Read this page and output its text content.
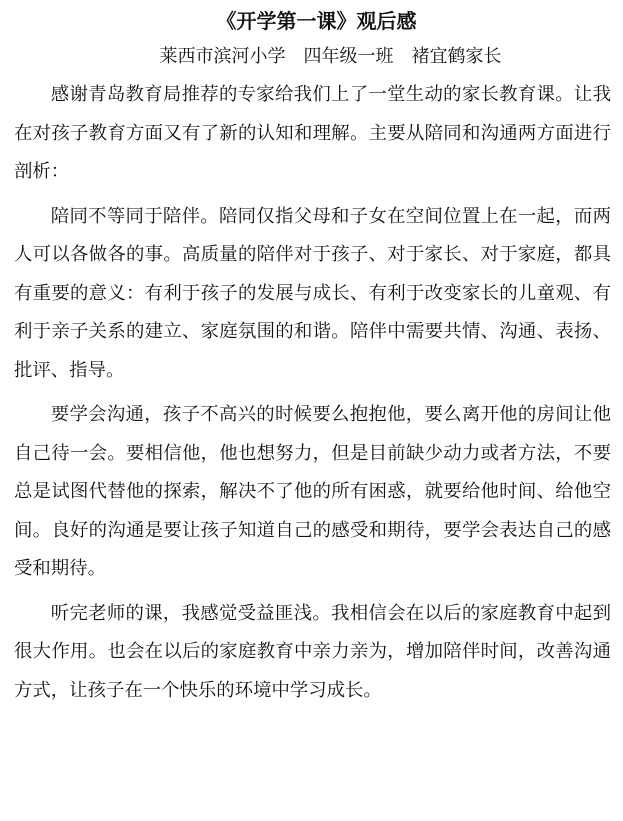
《开学第一课》观后感

莱西市滨河小学　四年级一班　褚宜鹤家长

感谢青岛教育局推荐的专家给我们上了一堂生动的家长教育课。让我在对孩子教育方面又有了新的认知和理解。主要从陪同和沟通两方面进行剖析：

陪同不等同于陪伴。陪同仅指父母和子女在空间位置上在一起，而两人可以各做各的事。高质量的陪伴对于孩子、对于家长、对于家庭，都具有重要的意义：有利于孩子的发展与成长、有利于改变家长的儿童观、有利于亲子关系的建立、家庭氛围的和谐。陪伴中需要共情、沟通、表扬、批评、指导。

要学会沟通，孩子不高兴的时候要么抱抱他，要么离开他的房间让他自己待一会。要相信他，他也想努力，但是目前缺少动力或者方法，不要总是试图代替他的探索，解决不了他的所有困惑，就要给他时间、给他空间。良好的沟通是要让孩子知道自己的感受和期待，要学会表达自己的感受和期待。

听完老师的课，我感觉受益匪浅。我相信会在以后的家庭教育中起到很大作用。也会在以后的家庭教育中亲力亲为，增加陪伴时间，改善沟通方式，让孩子在一个快乐的环境中学习成长。
